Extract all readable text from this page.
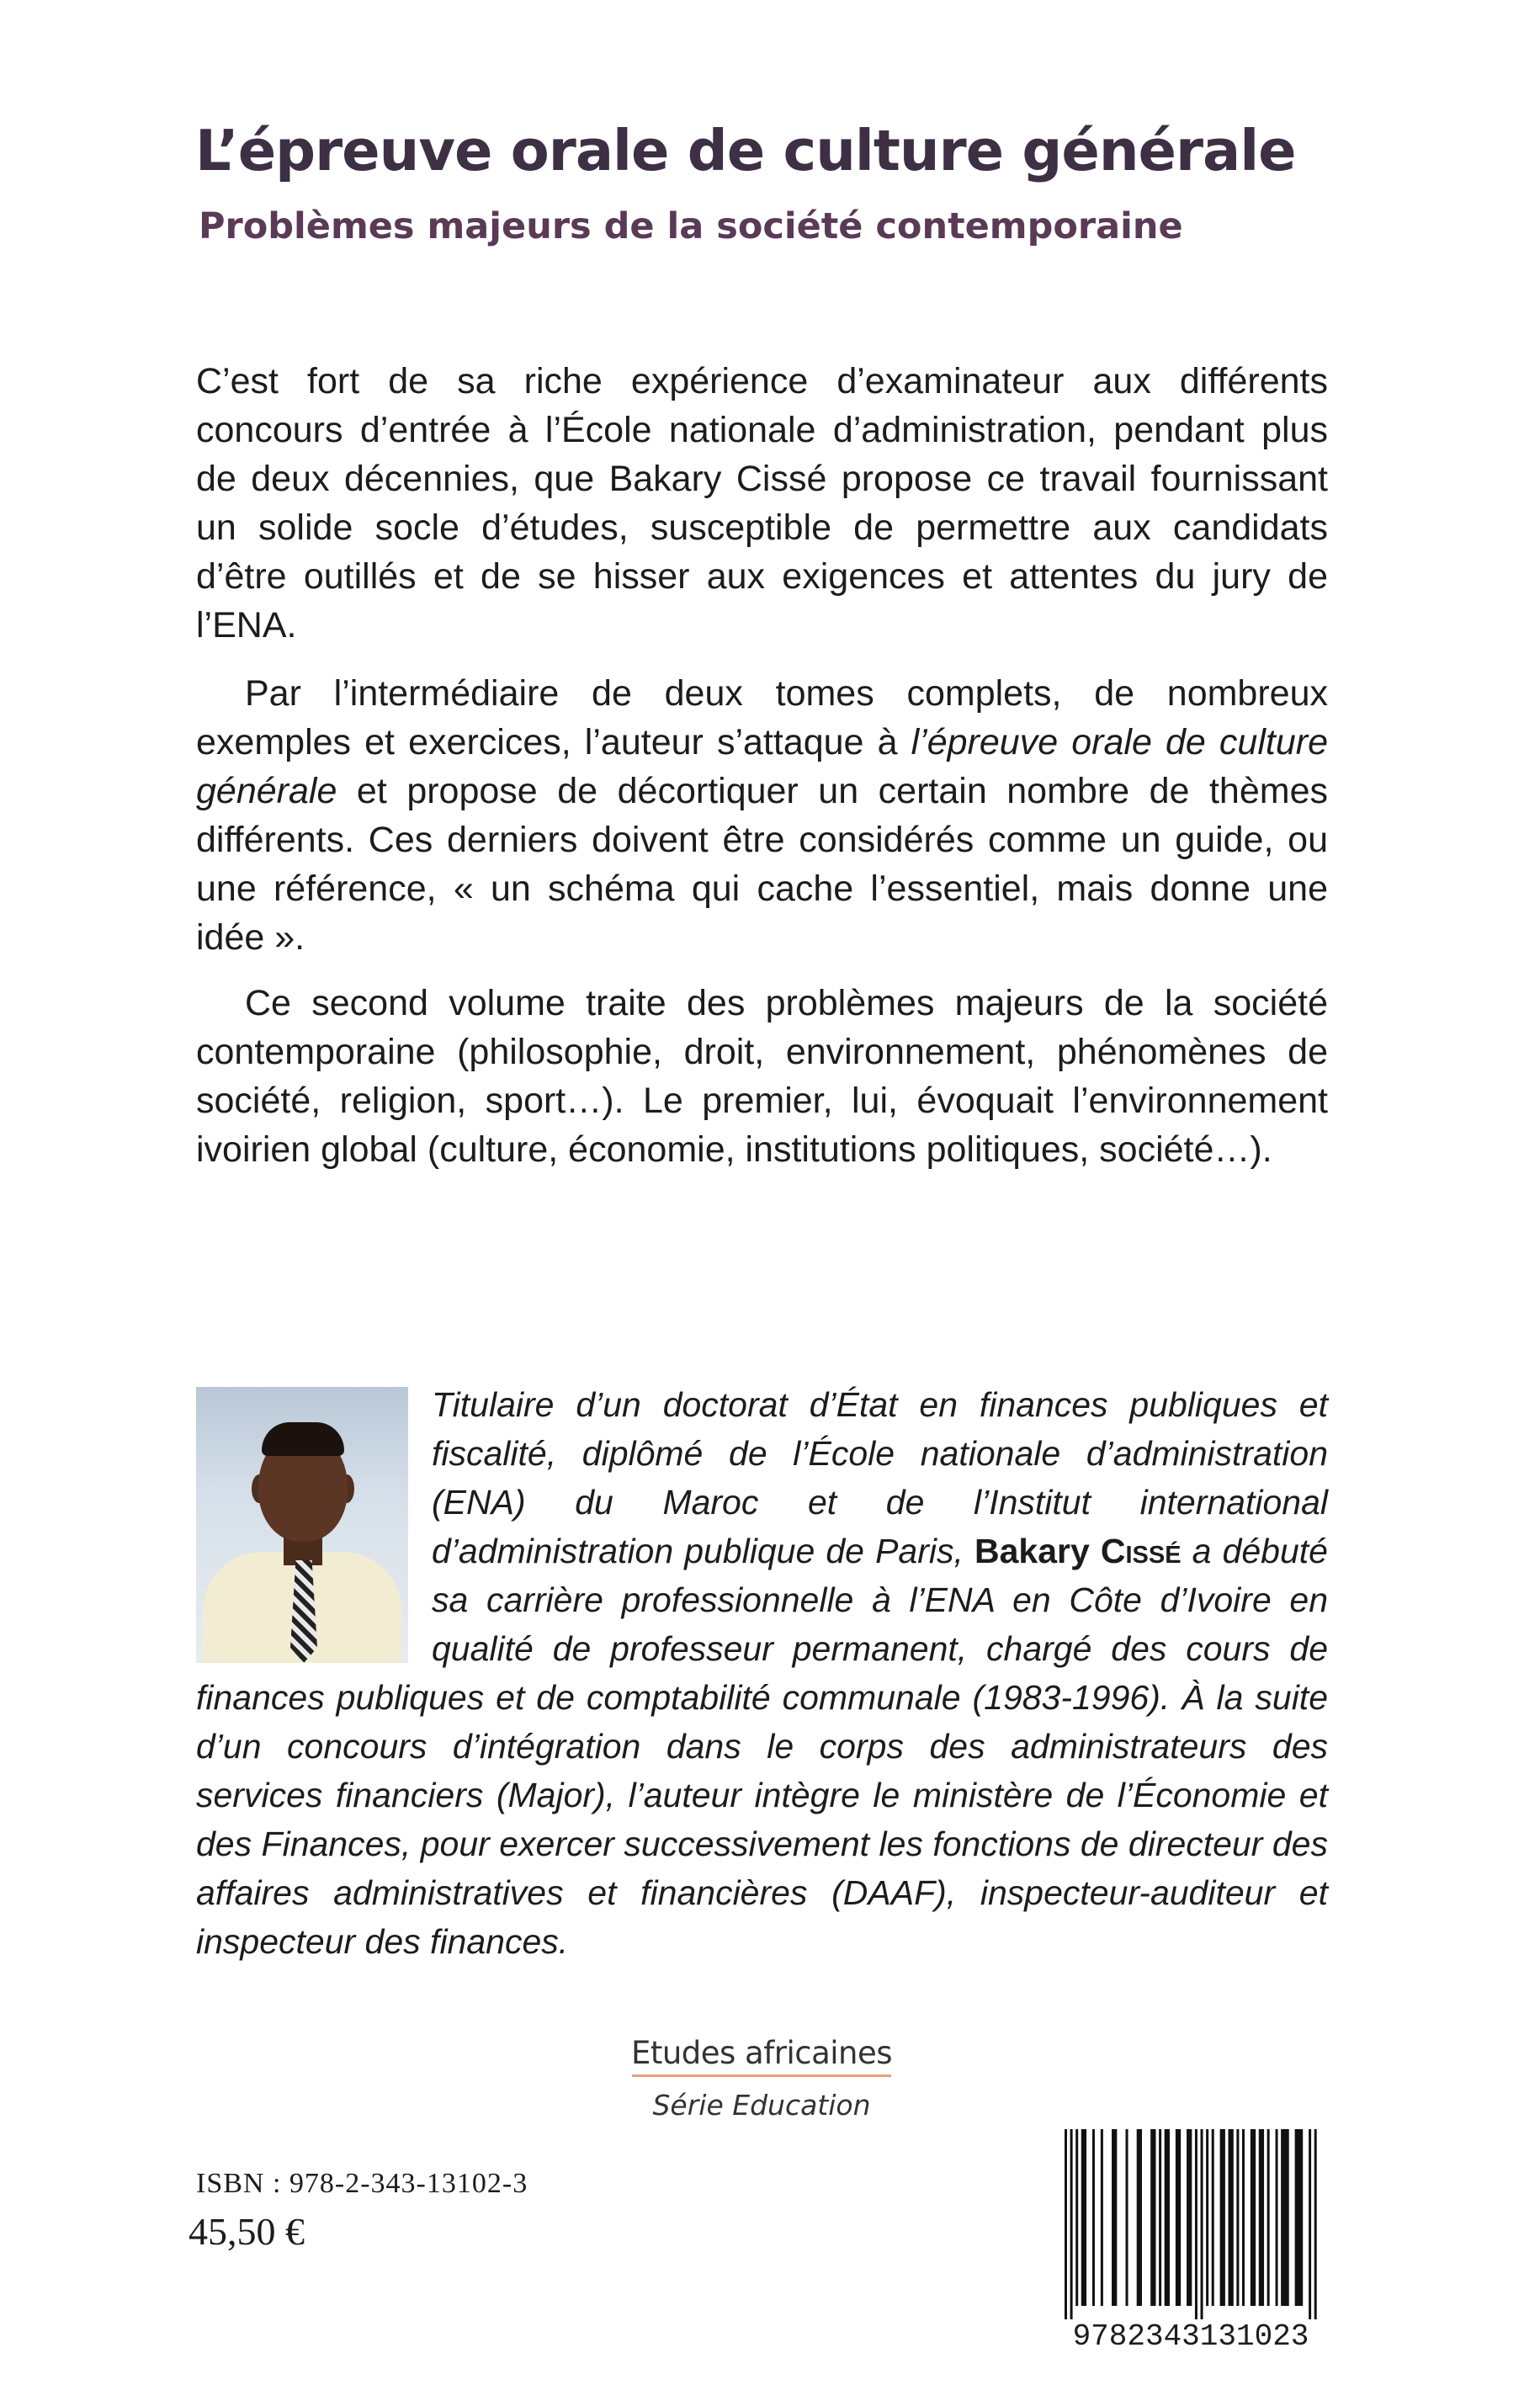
L’épreuve orale de culture générale
Problèmes majeurs de la société contemporaine

C’est fort de sa riche expérience d’examinateur aux différents concours d’entrée à l’École nationale d’administration, pendant plus de deux décennies, que Bakary Cissé propose ce travail fournissant un solide socle d’études, susceptible de permettre aux candidats d’être outillés et de se hisser aux exigences et attentes du jury de l’ENA.

Par l’intermédiaire de deux tomes complets, de nombreux exemples et exercices, l’auteur s’attaque à l’épreuve orale de culture générale et propose de décortiquer un certain nombre de thèmes différents. Ces derniers doivent être considérés comme un guide, ou une référence, « un schéma qui cache l’essentiel, mais donne une idée ».

Ce second volume traite des problèmes majeurs de la société contemporaine (philosophie, droit, environnement, phénomènes de société, religion, sport…). Le premier, lui, évoquait l’environnement ivoirien global (culture, économie, institutions politiques, société…).

Titulaire d’un doctorat d’État en finances publiques et fiscalité, diplômé de l’École nationale d’administration (ENA) du Maroc et de l’Institut international d’administration publique de Paris, Bakary Cissé a débuté sa carrière professionnelle à l’ENA en Côte d’Ivoire en qualité de professeur permanent, chargé des cours de finances publiques et de comptabilité communale (1983-1996). À la suite d’un concours d’intégration dans le corps des administrateurs des services financiers (Major), l’auteur intègre le ministère de l’Économie et des Finances, pour exercer successivement les fonctions de directeur des affaires administratives et financières (DAAF), inspecteur-auditeur et inspecteur des finances.

Etudes africaines
Série Education
ISBN : 978-2-343-13102-3
45,50 €
9782343131023
